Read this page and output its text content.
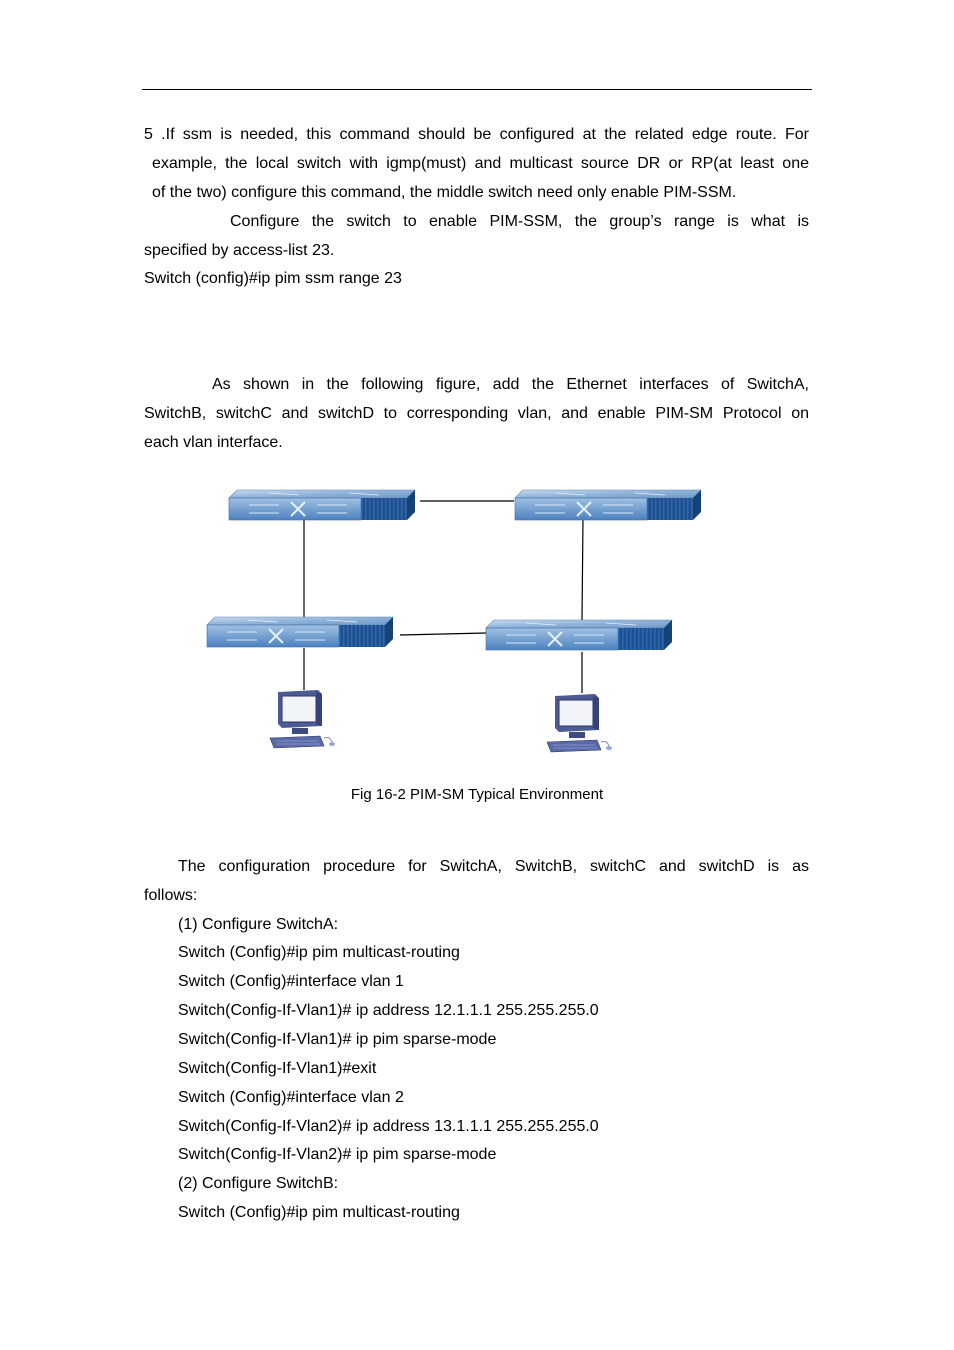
5 .If ssm is needed, this command should be configured at the related edge route. For
example, the local switch with igmp(must) and multicast source DR or RP(at least one
of the two) configure this command, the middle switch need only enable PIM-SSM.
Configure the switch to enable PIM-SSM, the group’s range is what is
specified by access-list 23.
Switch (config)#ip pim ssm range 23
As shown in the following figure, add the Ethernet interfaces of SwitchA,
SwitchB, switchC and switchD to corresponding vlan, and enable PIM-SM Protocol on
each vlan interface.
Fig 16-2 PIM-SM Typical Environment
The configuration procedure for SwitchA, SwitchB, switchC and switchD is as
follows:
(1) Configure SwitchA:
Switch (Config)#ip pim multicast-routing
Switch (Config)#interface vlan 1
Switch(Config-If-Vlan1)# ip address 12.1.1.1 255.255.255.0
Switch(Config-If-Vlan1)# ip pim sparse-mode
Switch(Config-If-Vlan1)#exit
Switch (Config)#interface vlan 2
Switch(Config-If-Vlan2)# ip address 13.1.1.1 255.255.255.0
Switch(Config-If-Vlan2)# ip pim sparse-mode
(2) Configure SwitchB:
Switch (Config)#ip pim multicast-routing
